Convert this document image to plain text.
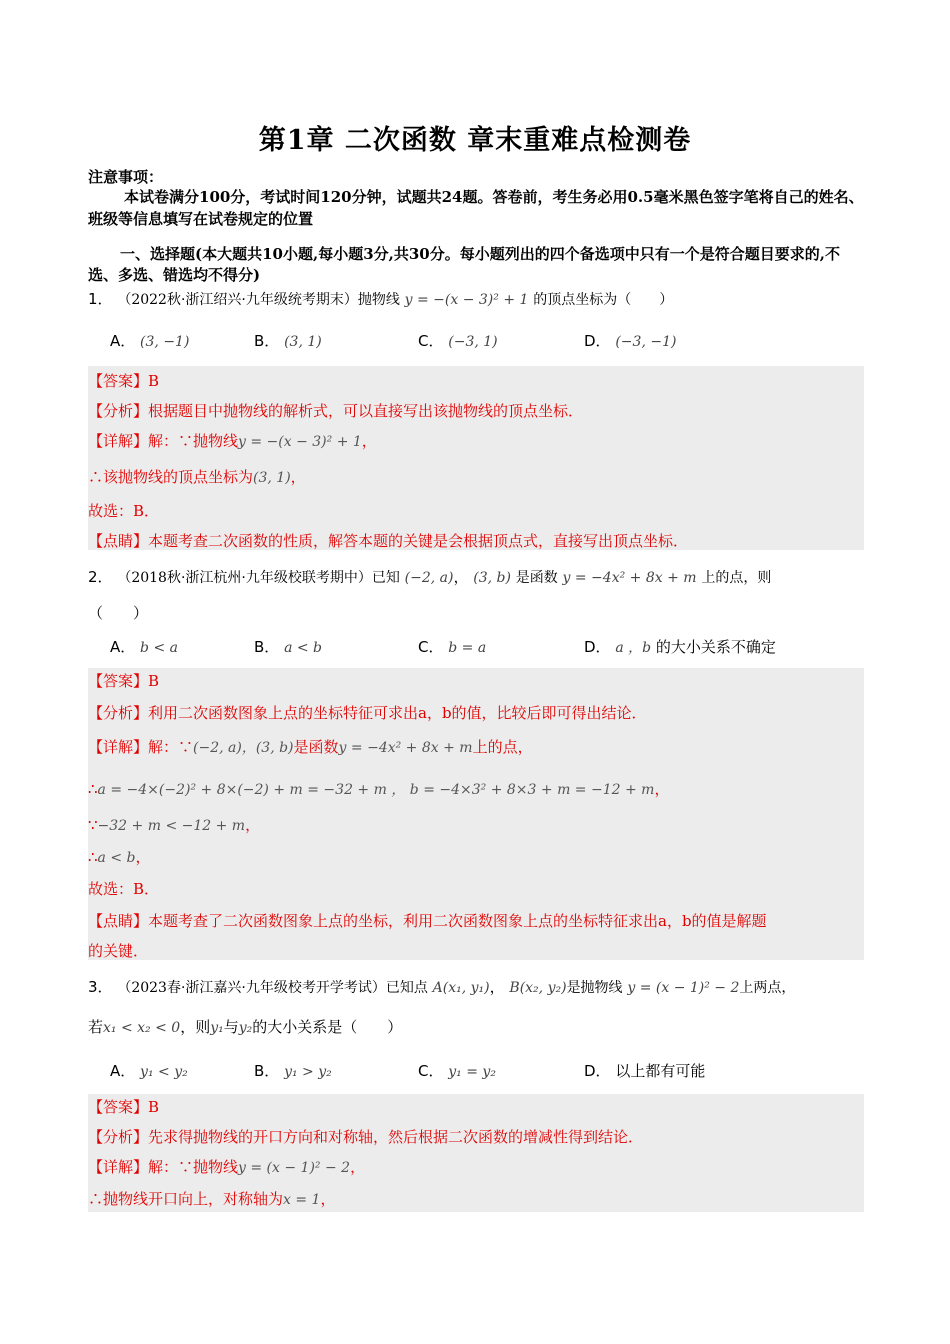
第1章 二次函数 章末重难点检测卷
注意事项：
本试卷满分100分，考试时间120分钟，试题共24题。答卷前，考生务必用0.5毫米黑色签字笔将自己的姓名、班级等信息填写在试卷规定的位置
一、选择题(本大题共10小题,每小题3分,共30分。每小题列出的四个备选项中只有一个是符合题目要求的,不选、多选、错选均不得分)
1． （2022秋·浙江绍兴·九年级统考期末）抛物线 y = −(x − 3)² + 1 的顶点坐标为（　　）
A． (3, −1)	B． (3, 1)	C． (−3, 1)	D． (−3, −1)
【答案】B
【分析】根据题目中抛物线的解析式，可以直接写出该抛物线的顶点坐标．
【详解】解：∵抛物线y = −(x − 3)² + 1，
∴该抛物线的顶点坐标为(3, 1)，
故选：B．
【点睛】本题考查二次函数的性质，解答本题的关键是会根据顶点式，直接写出顶点坐标．
2． （2018秋·浙江杭州·九年级校联考期中）已知 (−2, a)， (3, b) 是函数 y = −4x² + 8x + m 上的点，则
（　　）
A． b < a	B． a < b	C． b = a	D． a ，b 的大小关系不确定
【答案】B
【分析】利用二次函数图象上点的坐标特征可求出a，b的值，比较后即可得出结论．
【详解】解：∵(−2, a)，(3, b)是函数y = −4x² + 8x + m上的点，
∴a = −4×(−2)² + 8×(−2) + m = −32 + m ， b = −4×3² + 8×3 + m = −12 + m，
∵−32 + m < −12 + m，
∴a < b，
故选：B．
【点睛】本题考查了二次函数图象上点的坐标，利用二次函数图象上点的坐标特征求出a，b的值是解题
的关键．
3． （2023春·浙江嘉兴·九年级校考开学考试）已知点 A(x₁, y₁)， B(x₂, y₂)是抛物线 y = (x − 1)² − 2上两点，
若x₁ < x₂ < 0，则y₁与y₂的大小关系是（　　）
A． y₁ < y₂	B． y₁ > y₂	C． y₁ = y₂	D． 以上都有可能
【答案】B
【分析】先求得抛物线的开口方向和对称轴，然后根据二次函数的增减性得到结论．
【详解】解：∵抛物线y = (x − 1)² − 2，
∴抛物线开口向上，对称轴为x = 1，
